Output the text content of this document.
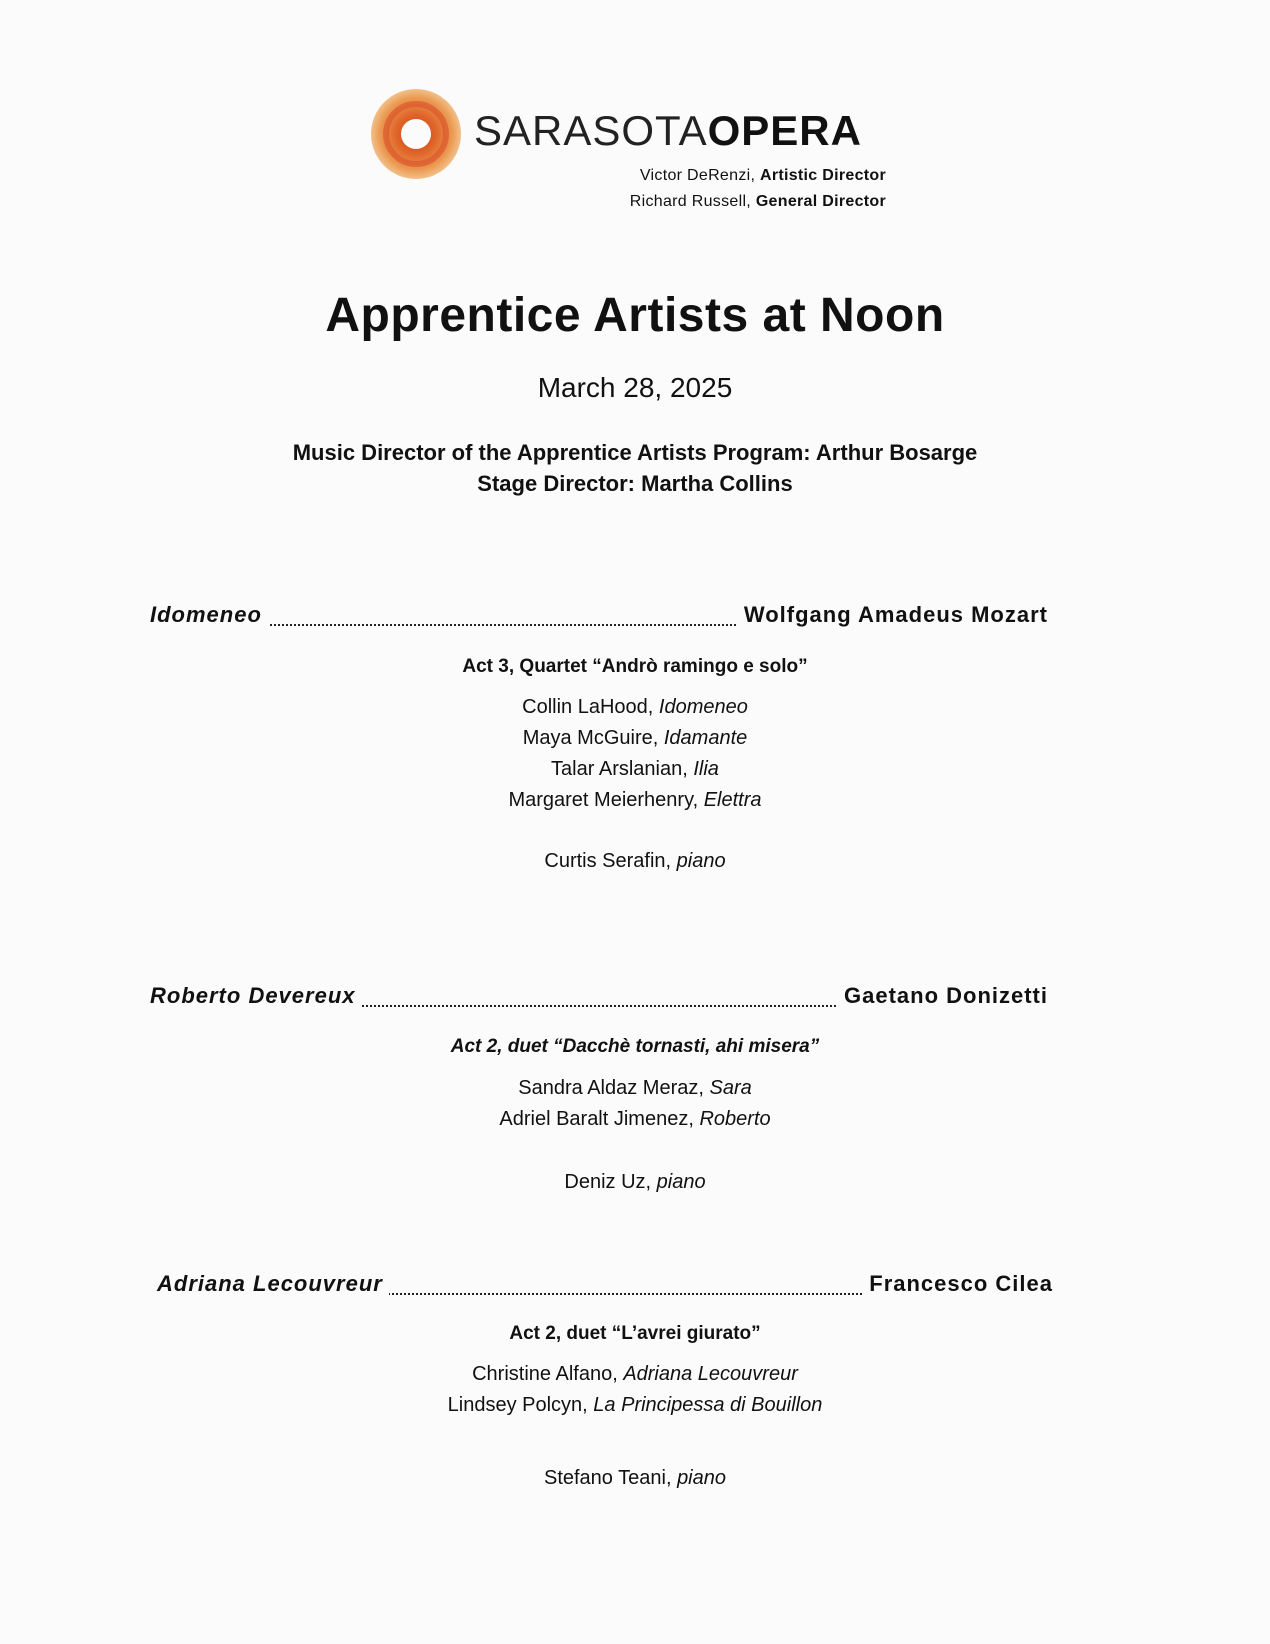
SARASOTAOPERA
Victor DeRenzi, Artistic Director
Richard Russell, General Director
Apprentice Artists at Noon
March 28, 2025
Music Director of the Apprentice Artists Program: Arthur Bosarge
Stage Director: Martha Collins
Idomeneo	Wolfgang Amadeus Mozart
Act 3, Quartet “Andrò ramingo e solo”
Collin LaHood, Idomeneo
Maya McGuire, Idamante
Talar Arslanian, Ilia
Margaret Meierhenry, Elettra
Curtis Serafin, piano
Roberto Devereux	Gaetano Donizetti
Act 2, duet “Dacchè tornasti, ahi misera”
Sandra Aldaz Meraz, Sara
Adriel Baralt Jimenez, Roberto
Deniz Uz, piano
Adriana Lecouvreur	Francesco Cilea
Act 2, duet “L’avrei giurato”
Christine Alfano, Adriana Lecouvreur
Lindsey Polcyn, La Principessa di Bouillon
Stefano Teani, piano
